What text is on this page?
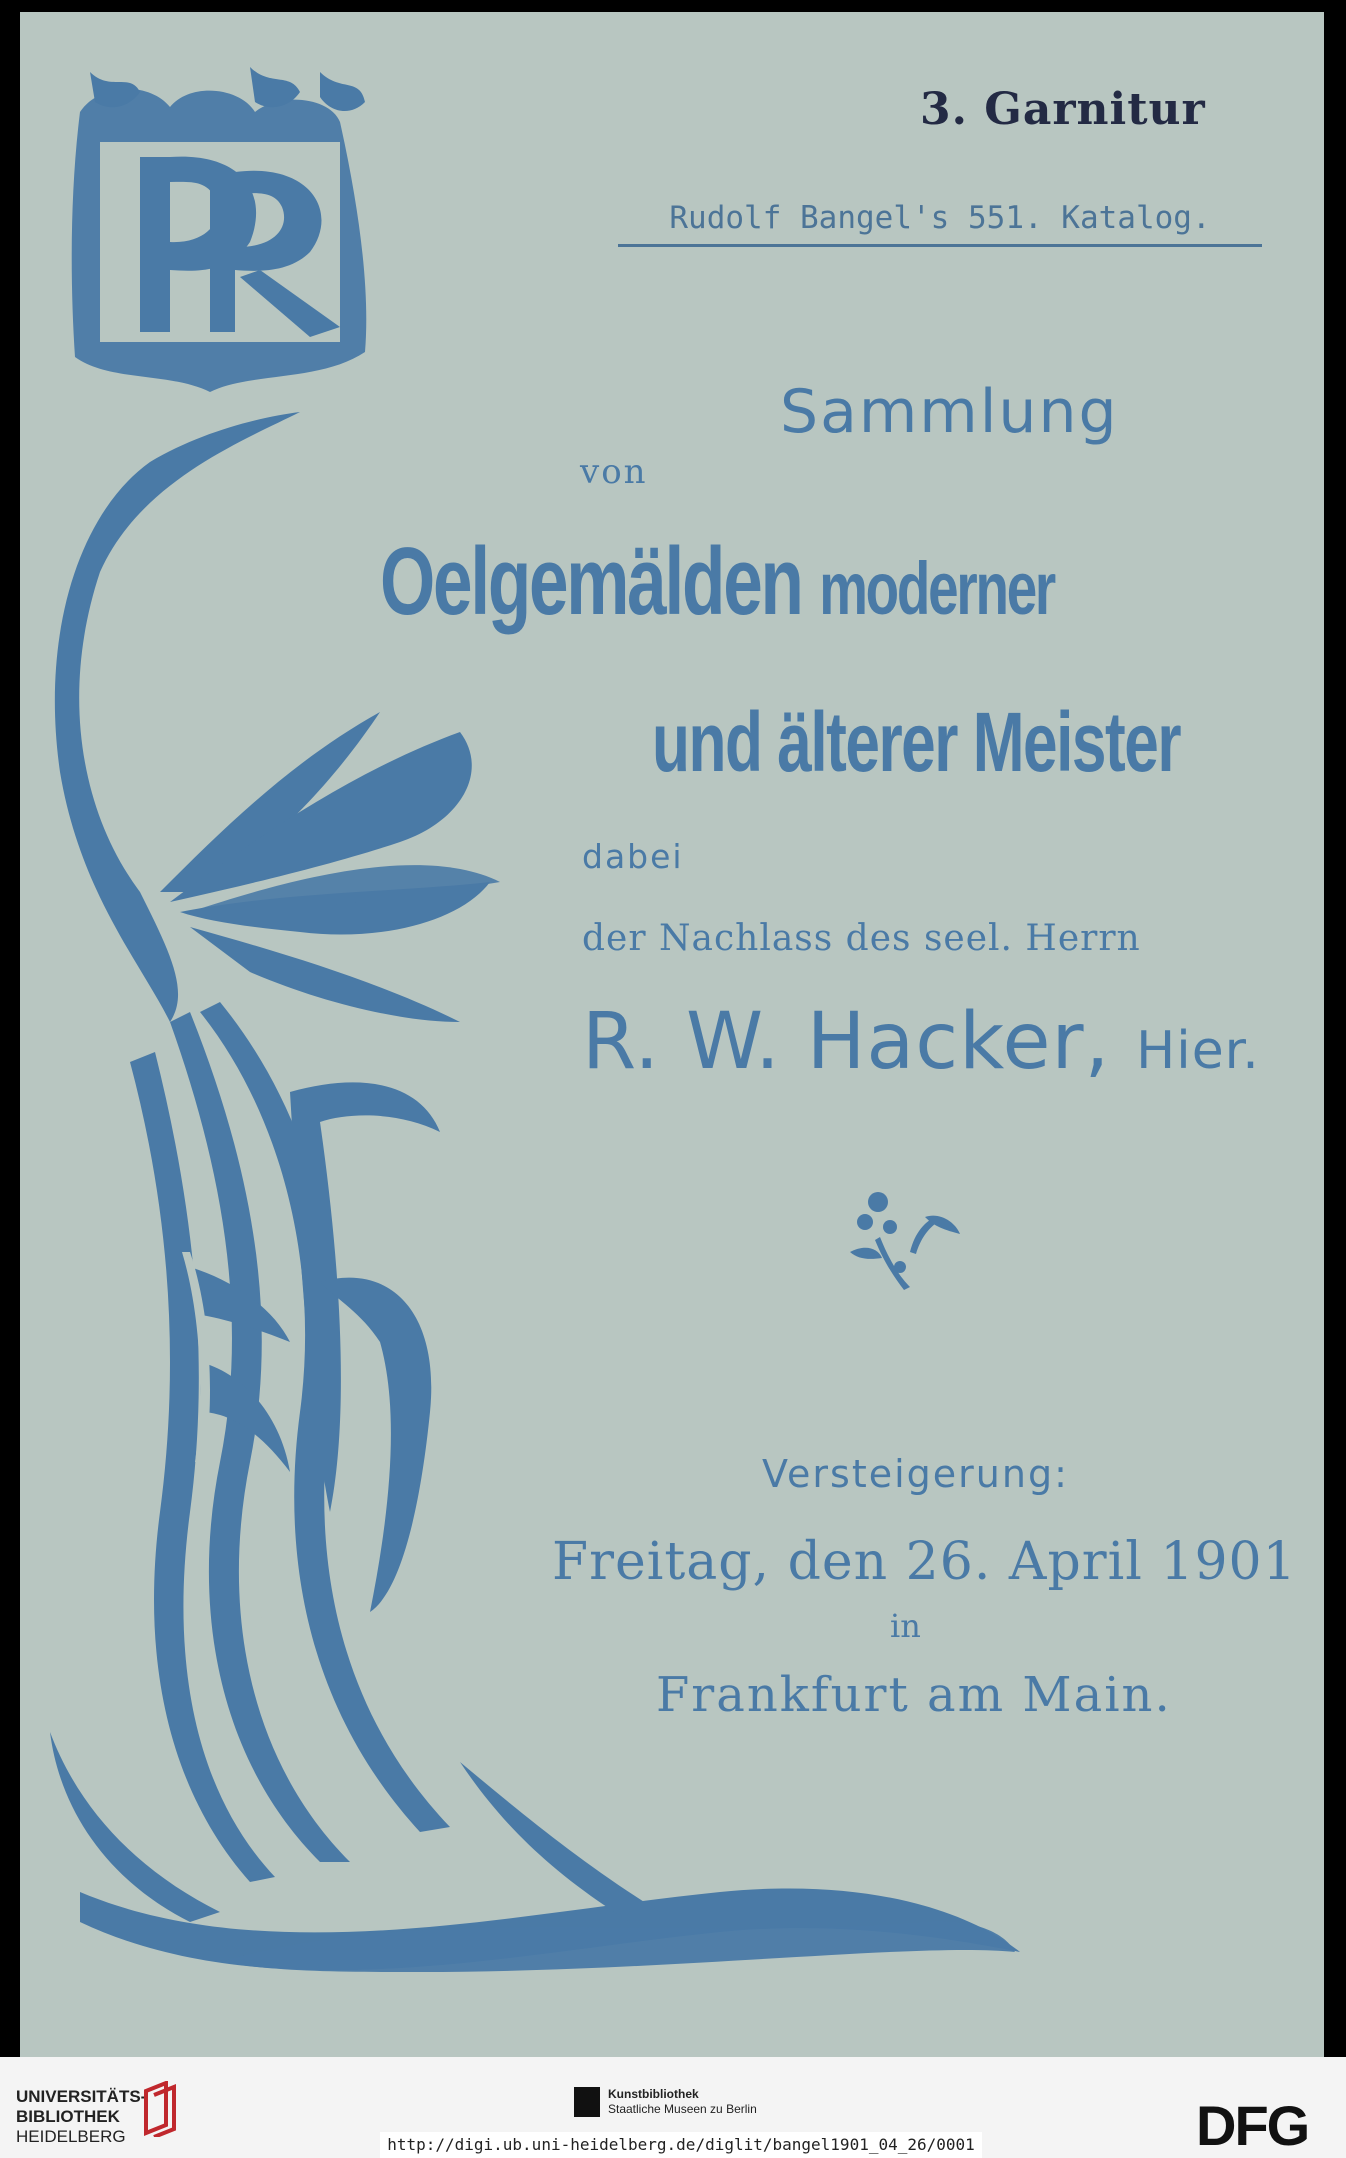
3. Garnitur
Rudolf Bangel's 551. Katalog.
Sammlung
von
Oelgemälden moderner
und älterer Meister
dabei
der Nachlass des seel. Herrn
R. W. Hacker, Hier.
Versteigerung:
Freitag, den 26. April 1901
in
Frankfurt am Main.
UNIVERSITÄTS-
BIBLIOTHEK
HEIDELBERG
Kunstbibliothek
Staatliche Museen zu Berlin	DFG
http://digi.ub.uni-heidelberg.de/diglit/bangel1901_04_26/0001
